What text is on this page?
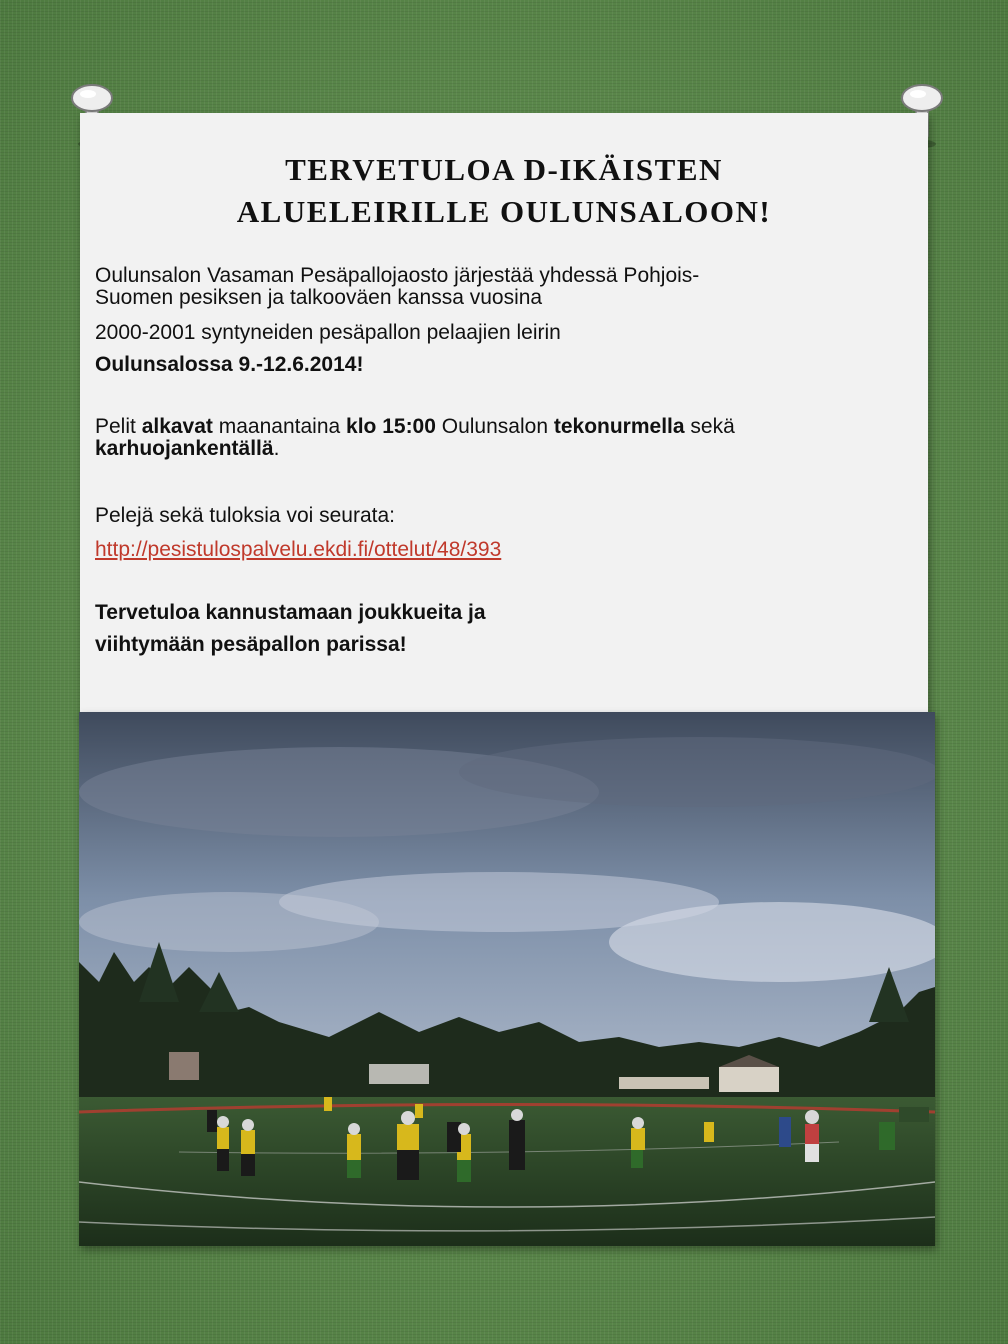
TERVETULOA D-IKÄISTEN
ALUELEIRILLE OULUNSALOON!
Oulunsalon Vasaman Pesäpallojaosto järjestää yhdessä Pohjois-
Suomen pesiksen ja talkooväen kanssa vuosina
2000-2001 syntyneiden pesäpallon pelaajien leirin
Oulunsalossa 9.-12.6.2014!
Pelit alkavat maanantaina klo 15:00 Oulunsalon tekonurmella sekä karhuojankentällä.
Pelejä sekä tuloksia voi seurata:
http://pesistulospalvelu.ekdi.fi/ottelut/48/393
Tervetuloa kannustamaan joukkueita ja
viihtymään pesäpallon parissa!
